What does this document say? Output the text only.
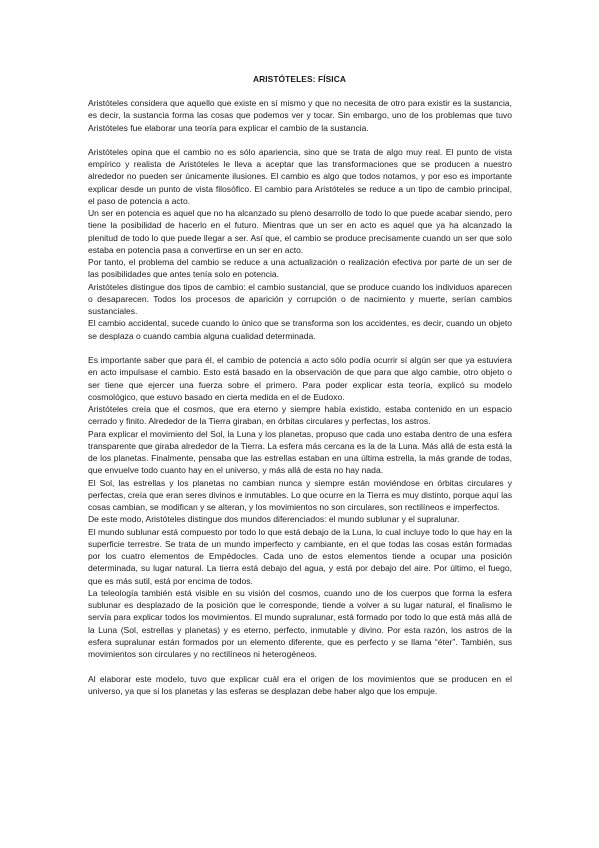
ARISTÓTELES: FÍSICA

Aristóteles considera que aquello que existe en sí mismo y que no necesita de otro para existir es la sustancia, es decir, la sustancia forma las cosas que podemos ver y tocar. Sin embargo, uno de los problemas que tuvo Aristóteles fue elaborar una teoría para explicar el cambio de la sustancia.

Aristóteles opina que el cambio no es sólo apariencia, sino que se trata de algo muy real. El punto de vista empírico y realista de Aristóteles le lleva a aceptar que las transformaciones que se producen a nuestro alrededor no pueden ser únicamente ilusiones. El cambio es algo que todos notamos, y por eso es importante explicar desde un punto de vista filosófico. El cambio para Aristóteles se reduce a un tipo de cambio principal, el paso de potencia a acto.

Un ser en potencia es aquel que no ha alcanzado su pleno desarrollo de todo lo que puede acabar siendo, pero tiene la posibilidad de hacerlo en el futuro. Mientras que un ser en acto es aquel que ya ha alcanzado la plenitud de todo lo que puede llegar a ser. Así que, el cambio se produce precisamente cuando un ser que solo estaba en potencia pasa a convertirse en un ser en acto.

Por tanto, el problema del cambio se reduce a una actualización o realización efectiva por parte de un ser de las posibilidades que antes tenía solo en potencia.

Aristóteles distingue dos tipos de cambio: el cambio sustancial, que se produce cuando los individuos aparecen o desaparecen. Todos los procesos de aparición y corrupción o de nacimiento y muerte, serían cambios sustanciales.

El cambio accidental, sucede cuando lo único que se transforma son los accidentes, es decir, cuando un objeto se desplaza o cuando cambia alguna cualidad determinada.

Es importante saber que para él, el cambio de potencia a acto sólo podía ocurrir sí algún ser que ya estuviera en acto impulsase el cambio. Esto está basado en la observación de que para que algo cambie, otro objeto o ser tiene que ejercer una fuerza sobre el primero. Para poder explicar esta teoría, explicó su modelo cosmológico, que estuvo basado en cierta medida en el de Eudoxo.

Aristóteles creía que el cosmos, que era eterno y siempre había existido, estaba contenido en un espacio cerrado y finito. Alrededor de la Tierra giraban, en órbitas circulares y perfectas, los astros.

Para explicar el movimiento del Sol, la Luna y los planetas, propuso que cada uno estaba dentro de una esfera transparente que giraba alrededor de la Tierra. La esfera más cercana es la de la Luna. Más allá de esta está la de los planetas. Finalmente, pensaba que las estrellas estaban en una última estrella, la más grande de todas, que envuelve todo cuanto hay en el universo, y más allá de esta no hay nada.

El Sol, las estrellas y los planetas no cambian nunca y siempre están moviéndose en órbitas circulares y perfectas, creía que eran seres divinos e inmutables. Lo que ocurre en la Tierra es muy distinto, porque aquí las cosas cambian, se modifican y se alteran, y los movimientos no son circulares, son rectilíneos e imperfectos.

De este modo, Aristóteles distingue dos mundos diferenciados: el mundo sublunar y el supralunar.

El mundo sublunar está compuesto por todo lo que está debajo de la Luna, lo cual incluye todo lo que hay en la superficie terrestre. Se trata de un mundo imperfecto y cambiante, en el que todas las cosas están formadas por los cuatro elementos de Empédocles. Cada uno de estos elementos tiende a ocupar una posición determinada, su lugar natural. La tierra está debajo del agua, y está por debajo del aire. Por último, el fuego, que es más sutil, está por encima de todos.

La teleología también está visible en su visión del cosmos, cuando uno de los cuerpos que forma la esfera sublunar es desplazado de la posición que le corresponde, tiende a volver a su lugar natural, el finalismo le servía para explicar todos los movimientos. El mundo supralunar, está formado por todo lo que está más allá de la Luna (Sol, estrellas y planetas) y es eterno, perfecto, inmutable y divino. Por esta razón, los astros de la esfera supralunar están formados por un elemento diferente, que es perfecto y se llama “éter”. También, sus movimientos son circulares y no rectilíneos ni heterogéneos.

Al elaborar este modelo, tuvo que explicar cuál era el origen de los movimientos que se producen en el universo, ya que si los planetas y las esferas se desplazan debe haber algo que los empuje.
